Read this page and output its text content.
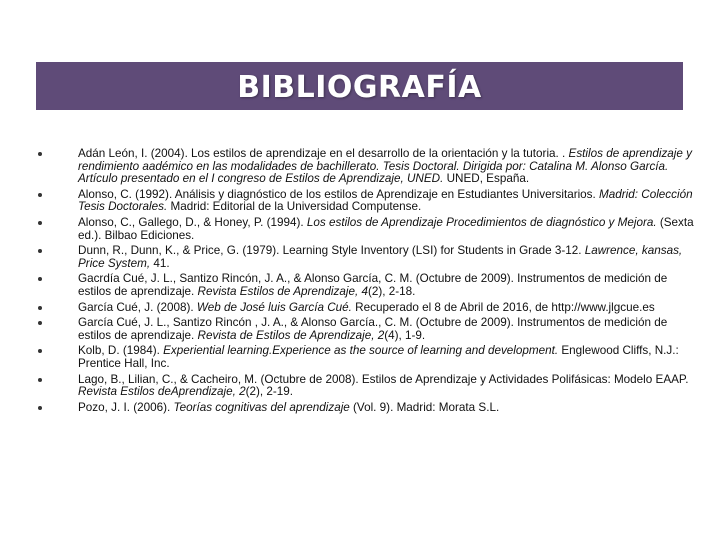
BIBLIOGRAFÍA
Adán León, I. (2004). Los estilos de aprendizaje en el desarrollo de la orientación y la tutoria. . Estilos de aprendizaje y rendimiento aadémico en las modalidades de bachillerato. Tesis Doctoral. Dirigida por: Catalina M. Alonso García. Artículo presentado en el I congreso de Estilos de Aprendizaje, UNED. UNED, España.
Alonso, C. (1992). Análisis y diagnóstico de los estilos de Aprendizaje en Estudiantes Universitarios. Madrid: Colección Tesis Doctorales. Madrid: Editorial de la Universidad Computense.
Alonso, C., Gallego, D., & Honey, P. (1994). Los estilos de Aprendizaje Procedimientos de diagnóstico y Mejora. (Sexta ed.). Bilbao Ediciones.
Dunn, R., Dunn, K., & Price, G. (1979). Learning Style Inventory (LSI) for Students in Grade 3-12. Lawrence, kansas, Price System, 41.
Gacrdía Cué, J. L., Santizo Rincón, J. A., & Alonso García, C. M. (Octubre de 2009). Instrumentos de medición de estilos de aprendizaje. Revista Estilos de Aprendizaje, 4(2), 2-18.
García Cué, J. (2008). Web de José luis García Cué. Recuperado el 8 de Abril de 2016, de http://www.jlgcue.es
García Cué, J. L., Santizo Rincón , J. A., & Alonso García., C. M. (Octubre de 2009). Instrumentos de medición de estilos de aprendizaje. Revista de Estilos de Aprendizaje, 2(4), 1-9.
Kolb, D. (1984). Experiential learning.Experience as the source of learning and development. Englewood Cliffs, N.J.: Prentice Hall, Inc.
Lago, B., Lilian, C., & Cacheiro, M. (Octubre de 2008). Estilos de Aprendizaje y Actividades Polifásicas: Modelo EAAP. Revista Estilos deAprendizaje, 2(2), 2-19.
Pozo, J. I. (2006). Teorías cognitivas del aprendizaje (Vol. 9). Madrid: Morata S.L.
